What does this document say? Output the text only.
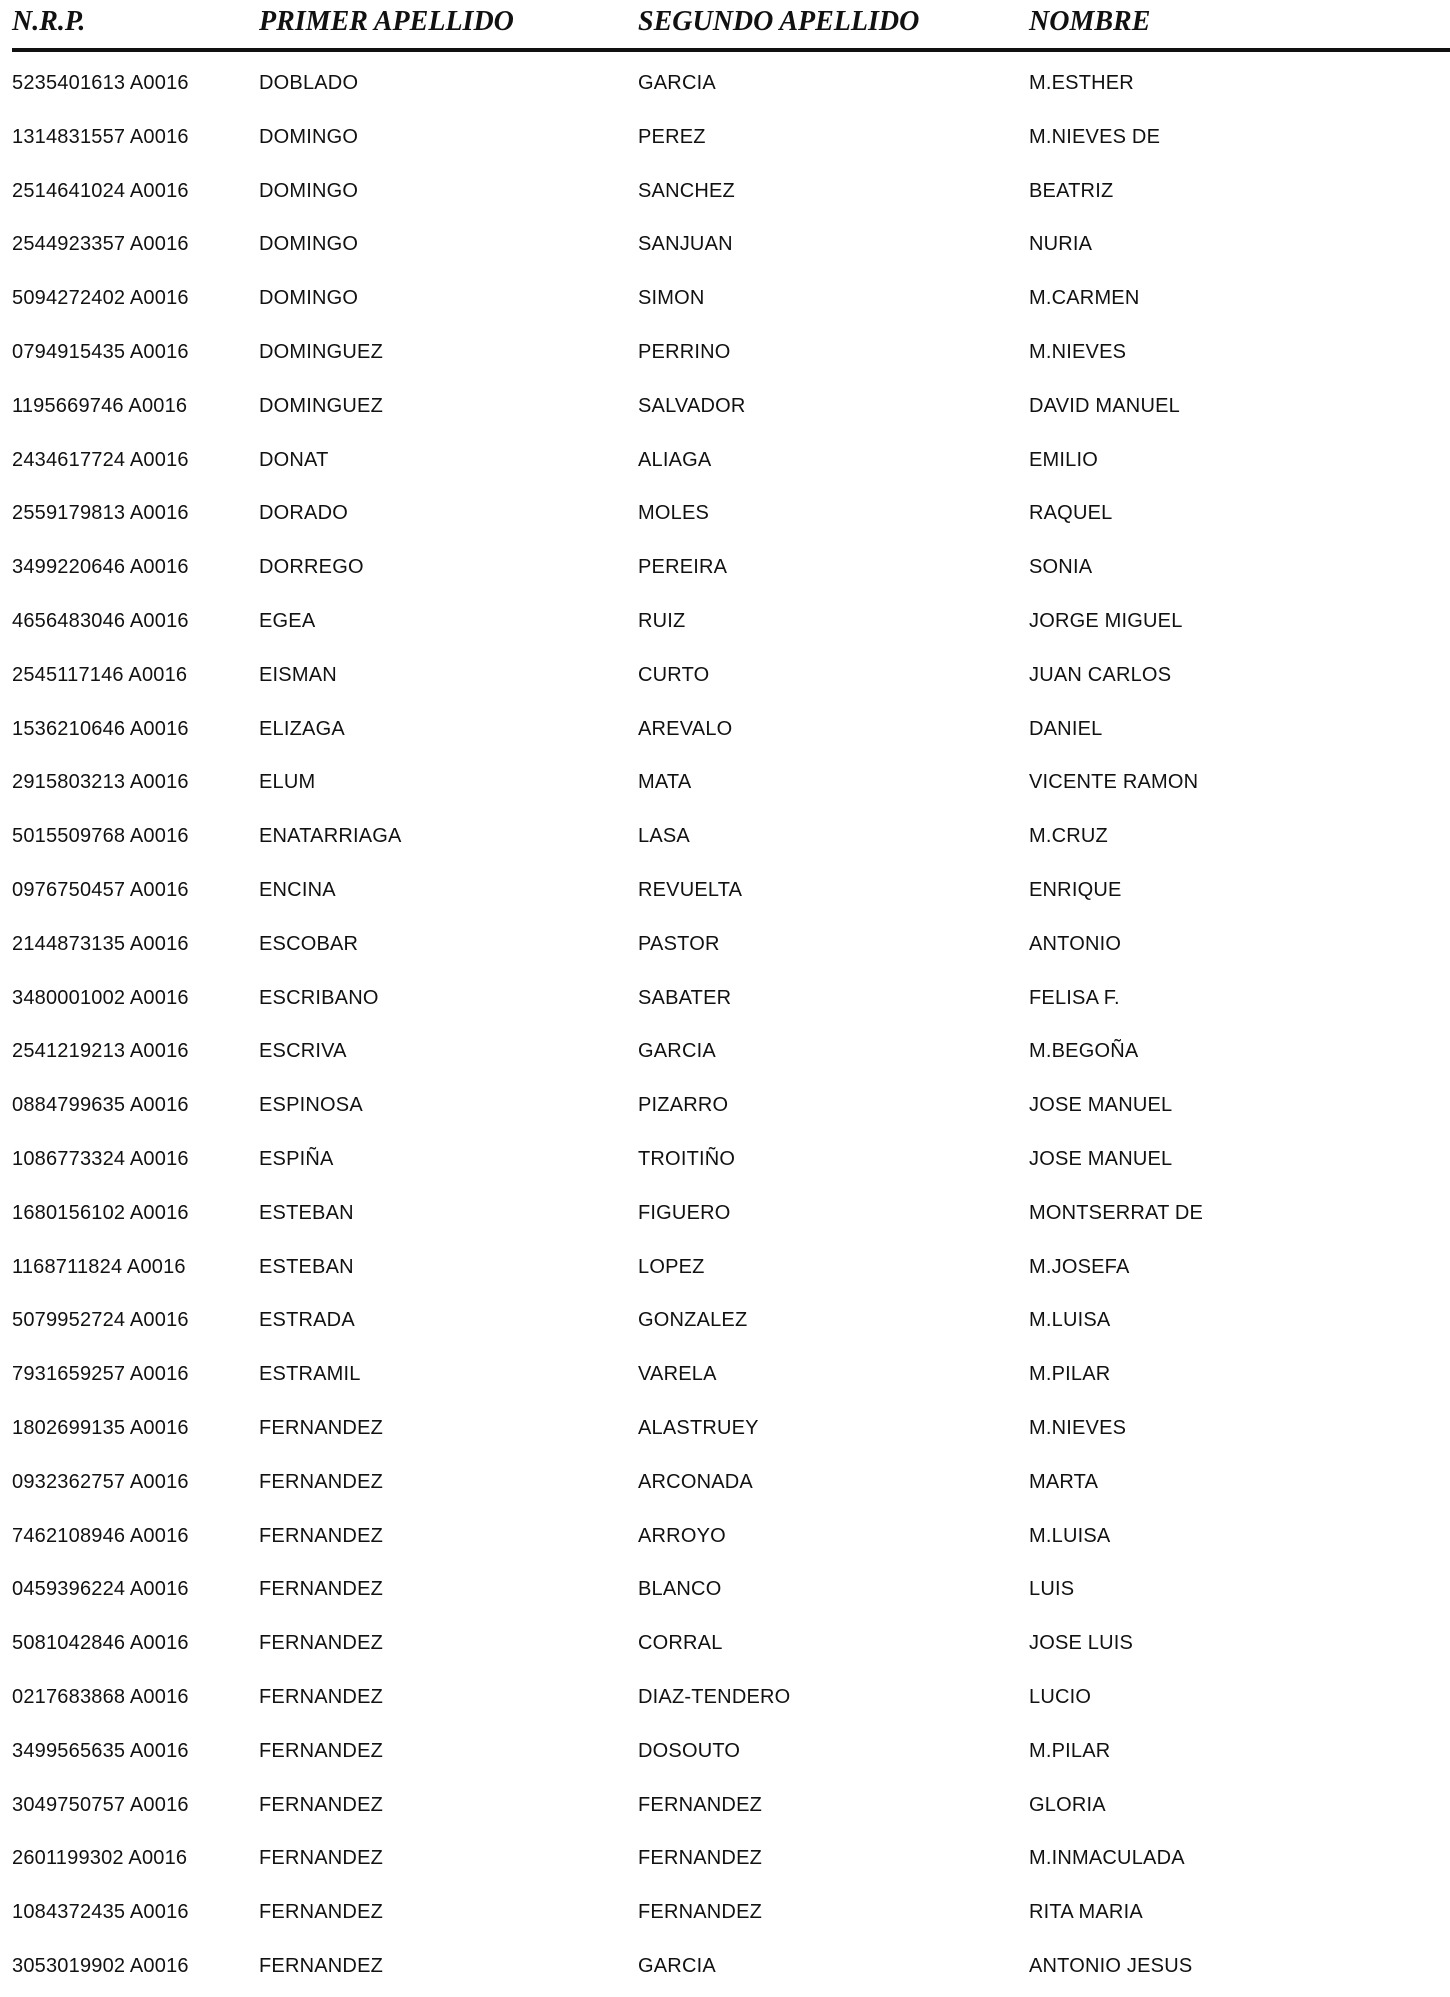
N.R.P.	PRIMER APELLIDO	SEGUNDO APELLIDO	NOMBRE
5235401613 A0016	DOBLADO	GARCIA	M.ESTHER
1314831557 A0016	DOMINGO	PEREZ	M.NIEVES DE
2514641024 A0016	DOMINGO	SANCHEZ	BEATRIZ
2544923357 A0016	DOMINGO	SANJUAN	NURIA
5094272402 A0016	DOMINGO	SIMON	M.CARMEN
0794915435 A0016	DOMINGUEZ	PERRINO	M.NIEVES
1195669746 A0016	DOMINGUEZ	SALVADOR	DAVID MANUEL
2434617724 A0016	DONAT	ALIAGA	EMILIO
2559179813 A0016	DORADO	MOLES	RAQUEL
3499220646 A0016	DORREGO	PEREIRA	SONIA
4656483046 A0016	EGEA	RUIZ	JORGE MIGUEL
2545117146 A0016	EISMAN	CURTO	JUAN CARLOS
1536210646 A0016	ELIZAGA	AREVALO	DANIEL
2915803213 A0016	ELUM	MATA	VICENTE RAMON
5015509768 A0016	ENATARRIAGA	LASA	M.CRUZ
0976750457 A0016	ENCINA	REVUELTA	ENRIQUE
2144873135 A0016	ESCOBAR	PASTOR	ANTONIO
3480001002 A0016	ESCRIBANO	SABATER	FELISA F.
2541219213 A0016	ESCRIVA	GARCIA	M.BEGOÑA
0884799635 A0016	ESPINOSA	PIZARRO	JOSE MANUEL
1086773324 A0016	ESPIÑA	TROITIÑO	JOSE MANUEL
1680156102 A0016	ESTEBAN	FIGUERO	MONTSERRAT DE
1168711824 A0016	ESTEBAN	LOPEZ	M.JOSEFA
5079952724 A0016	ESTRADA	GONZALEZ	M.LUISA
7931659257 A0016	ESTRAMIL	VARELA	M.PILAR
1802699135 A0016	FERNANDEZ	ALASTRUEY	M.NIEVES
0932362757 A0016	FERNANDEZ	ARCONADA	MARTA
7462108946 A0016	FERNANDEZ	ARROYO	M.LUISA
0459396224 A0016	FERNANDEZ	BLANCO	LUIS
5081042846 A0016	FERNANDEZ	CORRAL	JOSE LUIS
0217683868 A0016	FERNANDEZ	DIAZ-TENDERO	LUCIO
3499565635 A0016	FERNANDEZ	DOSOUTO	M.PILAR
3049750757 A0016	FERNANDEZ	FERNANDEZ	GLORIA
2601199302 A0016	FERNANDEZ	FERNANDEZ	M.INMACULADA
1084372435 A0016	FERNANDEZ	FERNANDEZ	RITA MARIA
3053019902 A0016	FERNANDEZ	GARCIA	ANTONIO JESUS
